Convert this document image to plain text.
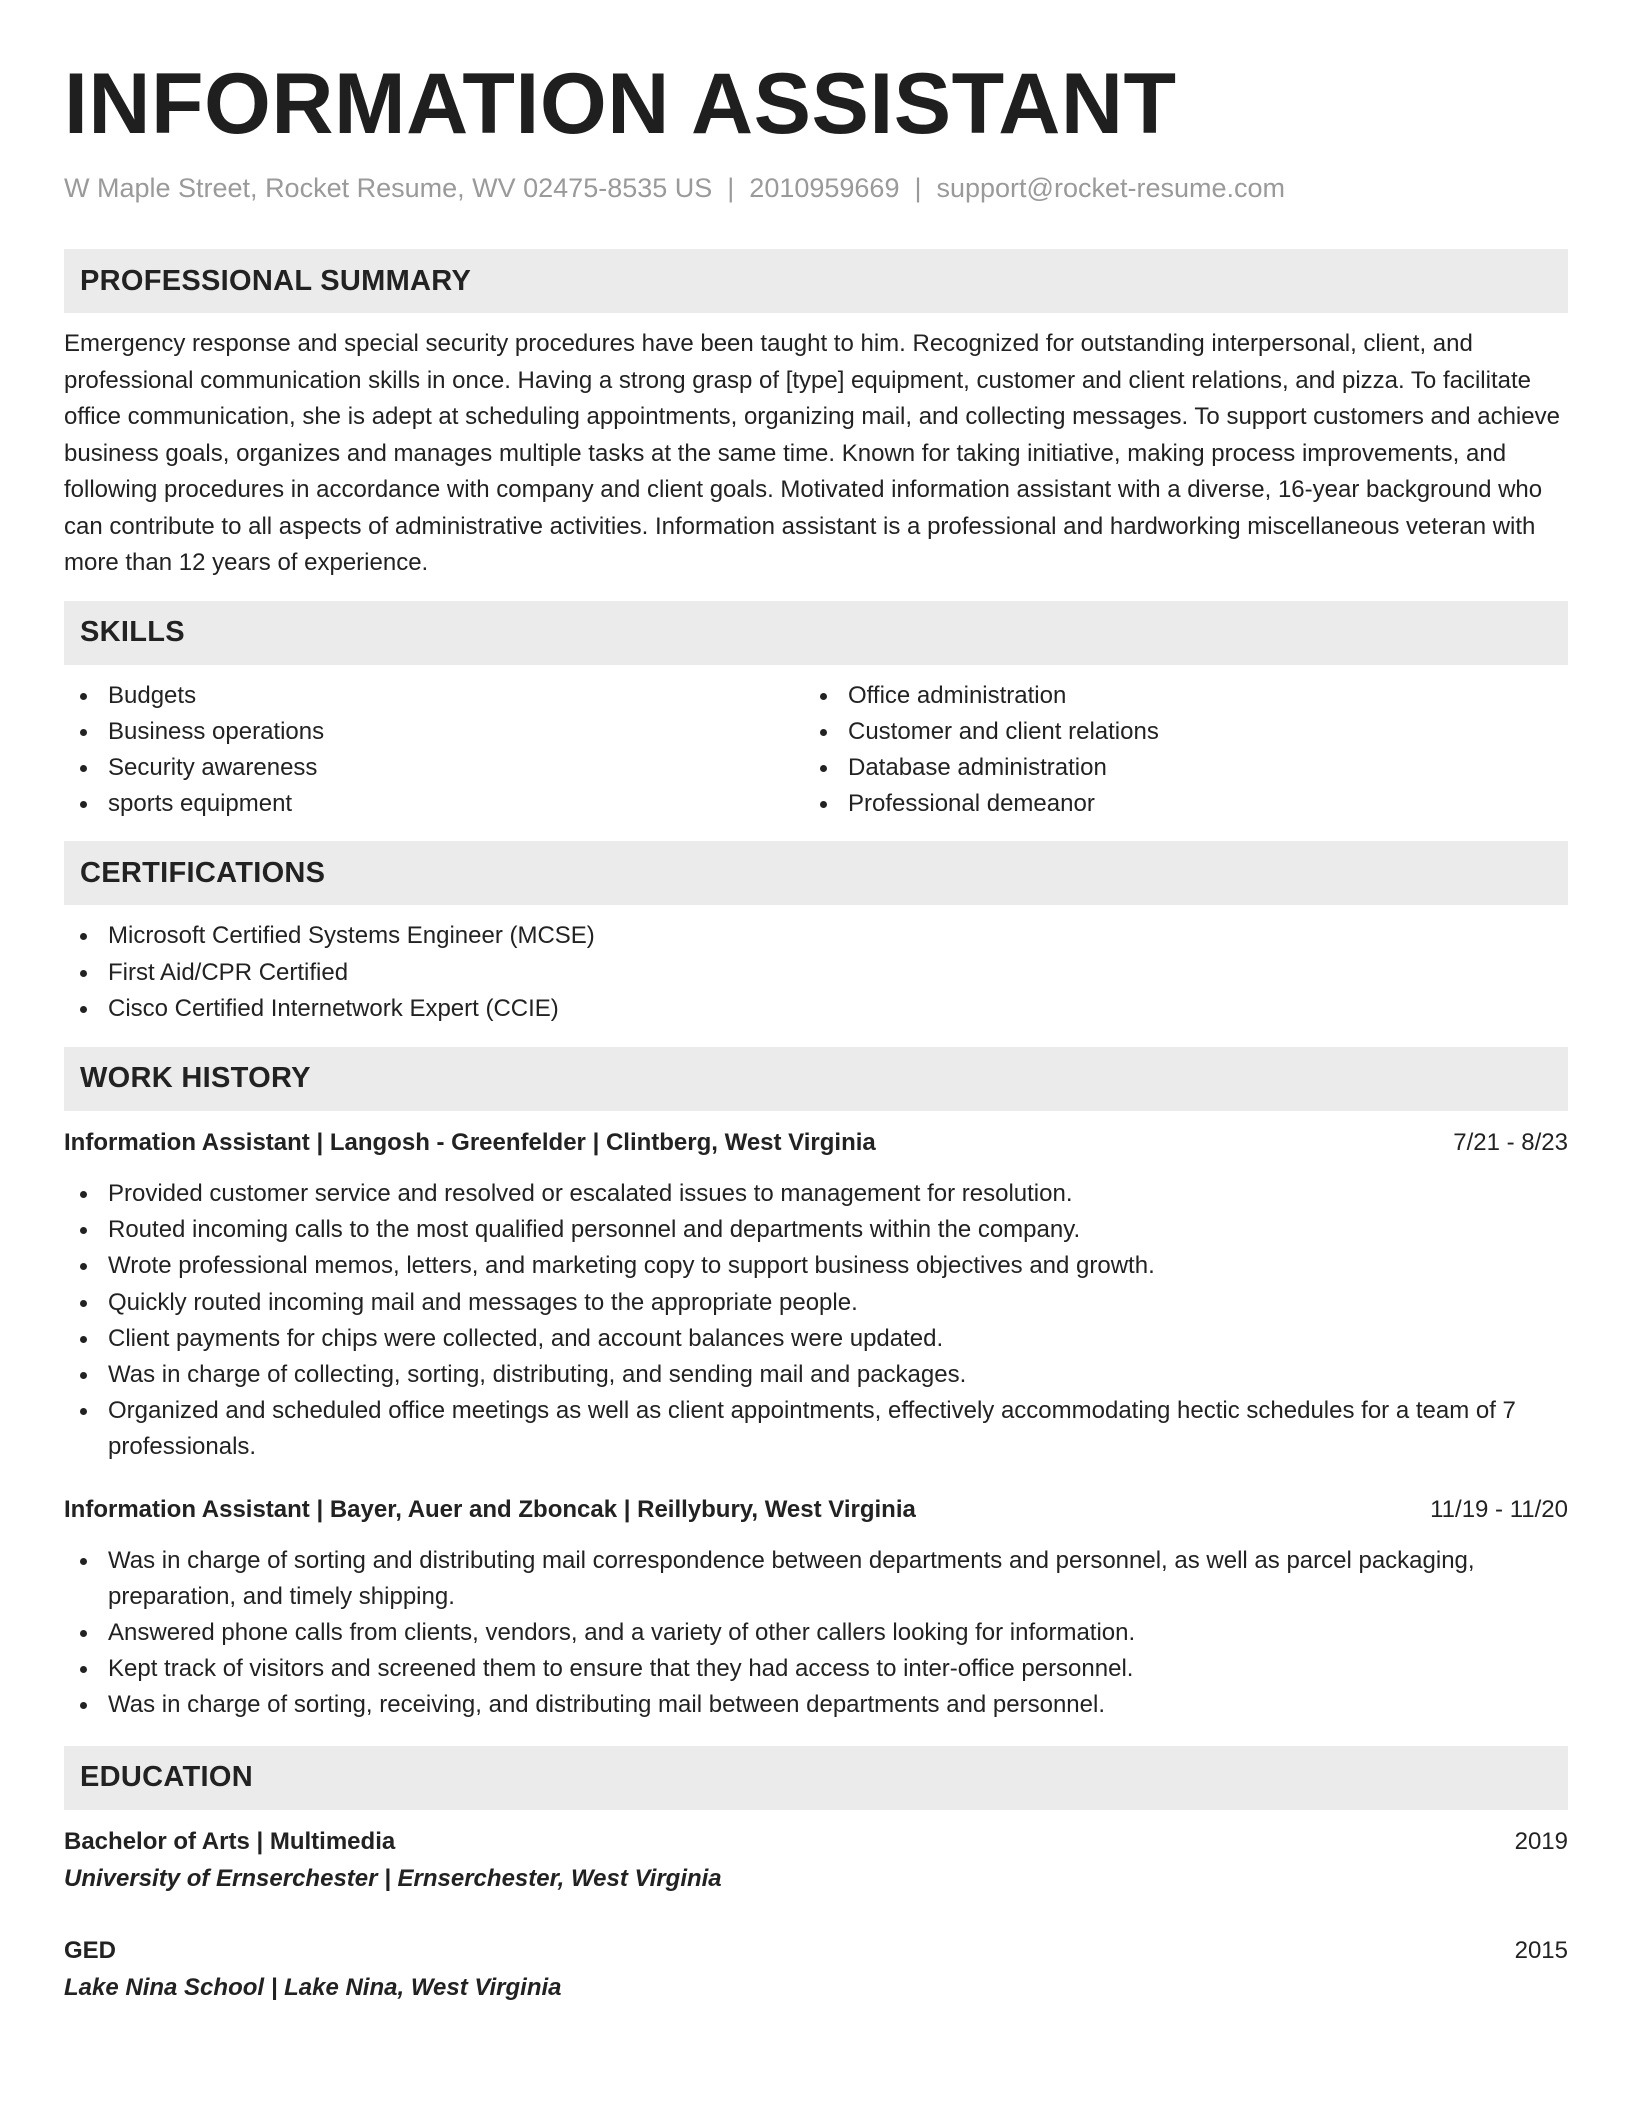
INFORMATION ASSISTANT
W Maple Street, Rocket Resume, WV 02475-8535 US | 2010959669 | support@rocket-resume.com
PROFESSIONAL SUMMARY
Emergency response and special security procedures have been taught to him. Recognized for outstanding interpersonal, client, and professional communication skills in once. Having a strong grasp of [type] equipment, customer and client relations, and pizza. To facilitate office communication, she is adept at scheduling appointments, organizing mail, and collecting messages. To support customers and achieve business goals, organizes and manages multiple tasks at the same time. Known for taking initiative, making process improvements, and following procedures in accordance with company and client goals. Motivated information assistant with a diverse, 16-year background who can contribute to all aspects of administrative activities. Information assistant is a professional and hardworking miscellaneous veteran with more than 12 years of experience.
SKILLS
Budgets
Business operations
Security awareness
sports equipment
Office administration
Customer and client relations
Database administration
Professional demeanor
CERTIFICATIONS
Microsoft Certified Systems Engineer (MCSE)
First Aid/CPR Certified
Cisco Certified Internetwork Expert (CCIE)
WORK HISTORY
Information Assistant | Langosh - Greenfelder | Clintberg, West Virginia	7/21 - 8/23
Provided customer service and resolved or escalated issues to management for resolution.
Routed incoming calls to the most qualified personnel and departments within the company.
Wrote professional memos, letters, and marketing copy to support business objectives and growth.
Quickly routed incoming mail and messages to the appropriate people.
Client payments for chips were collected, and account balances were updated.
Was in charge of collecting, sorting, distributing, and sending mail and packages.
Organized and scheduled office meetings as well as client appointments, effectively accommodating hectic schedules for a team of 7 professionals.
Information Assistant | Bayer, Auer and Zboncak | Reillybury, West Virginia	11/19 - 11/20
Was in charge of sorting and distributing mail correspondence between departments and personnel, as well as parcel packaging, preparation, and timely shipping.
Answered phone calls from clients, vendors, and a variety of other callers looking for information.
Kept track of visitors and screened them to ensure that they had access to inter-office personnel.
Was in charge of sorting, receiving, and distributing mail between departments and personnel.
EDUCATION
Bachelor of Arts | Multimedia	2019
University of Ernserchester | Ernserchester, West Virginia
GED	2015
Lake Nina School | Lake Nina, West Virginia
